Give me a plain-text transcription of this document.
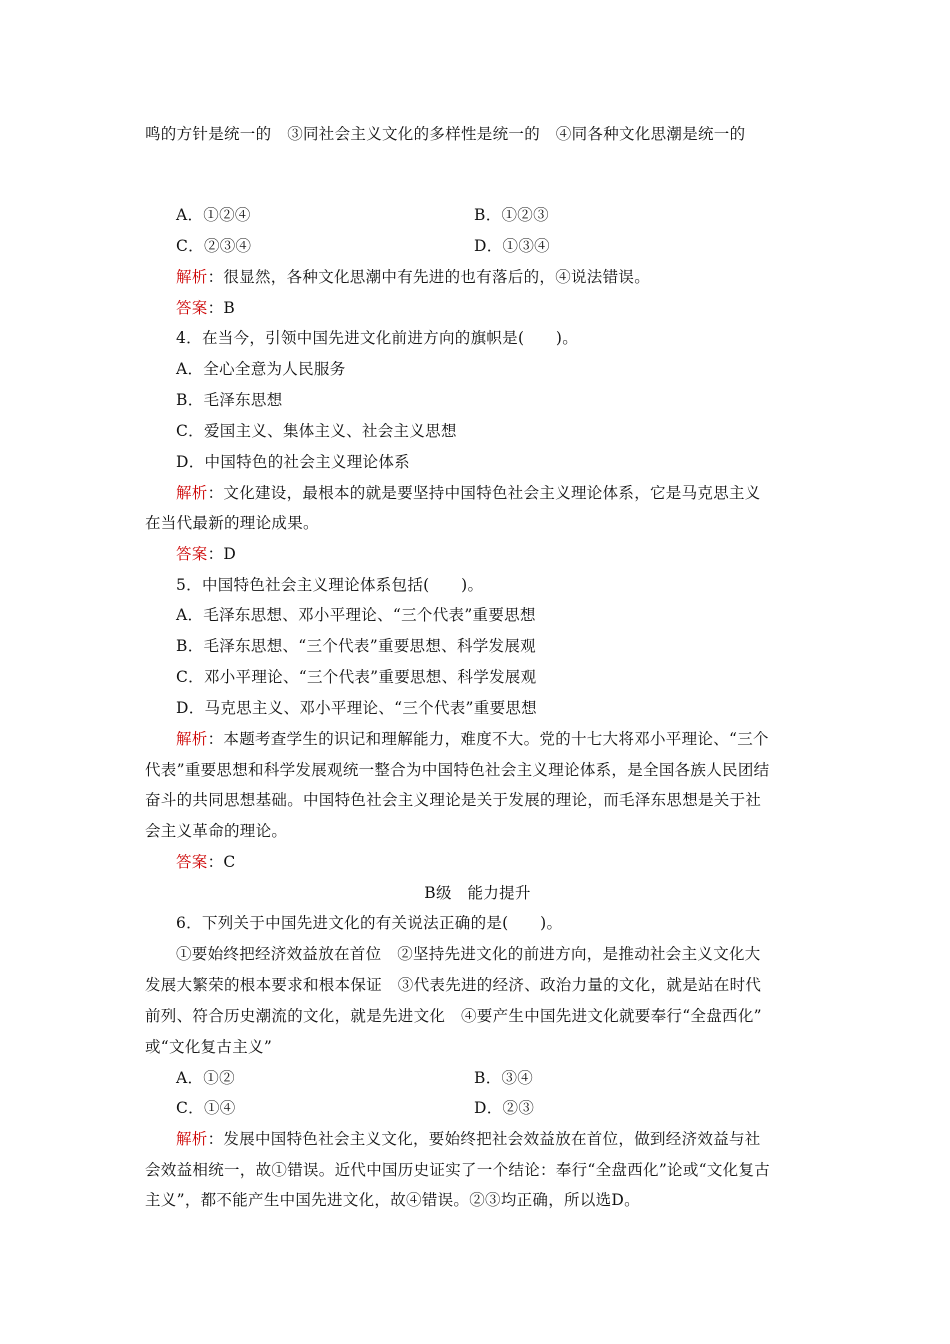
鸣的方针是统一的　③同社会主义文化的多样性是统一的　④同各种文化思潮是统一的
A．①②④	B．①②③
C．②③④	D．①③④
解析：很显然，各种文化思潮中有先进的也有落后的，④说法错误。
答案：B
4．在当今，引领中国先进文化前进方向的旗帜是(　　)。
A．全心全意为人民服务
B．毛泽东思想
C．爱国主义、集体主义、社会主义思想
D．中国特色的社会主义理论体系
解析：文化建设，最根本的就是要坚持中国特色社会主义理论体系，它是马克思主义
在当代最新的理论成果。
答案：D
5．中国特色社会主义理论体系包括(　　)。
A．毛泽东思想、邓小平理论、“三个代表”重要思想
B．毛泽东思想、“三个代表”重要思想、科学发展观
C．邓小平理论、“三个代表”重要思想、科学发展观
D．马克思主义、邓小平理论、“三个代表”重要思想
解析：本题考查学生的识记和理解能力，难度不大。党的十七大将邓小平理论、“三个
代表”重要思想和科学发展观统一整合为中国特色社会主义理论体系，是全国各族人民团结
奋斗的共同思想基础。中国特色社会主义理论是关于发展的理论，而毛泽东思想是关于社
会主义革命的理论。
答案：C
B级　能力提升
6．下列关于中国先进文化的有关说法正确的是(　　)。
①要始终把经济效益放在首位　②坚持先进文化的前进方向，是推动社会主义文化大
发展大繁荣的根本要求和根本保证　③代表先进的经济、政治力量的文化，就是站在时代
前列、符合历史潮流的文化，就是先进文化　④要产生中国先进文化就要奉行“全盘西化”
或“文化复古主义”
A．①②	B．③④
C．①④	D．②③
解析：发展中国特色社会主义文化，要始终把社会效益放在首位，做到经济效益与社
会效益相统一，故①错误。近代中国历史证实了一个结论：奉行“全盘西化”论或“文化复古
主义”，都不能产生中国先进文化，故④错误。②③均正确，所以选D。
